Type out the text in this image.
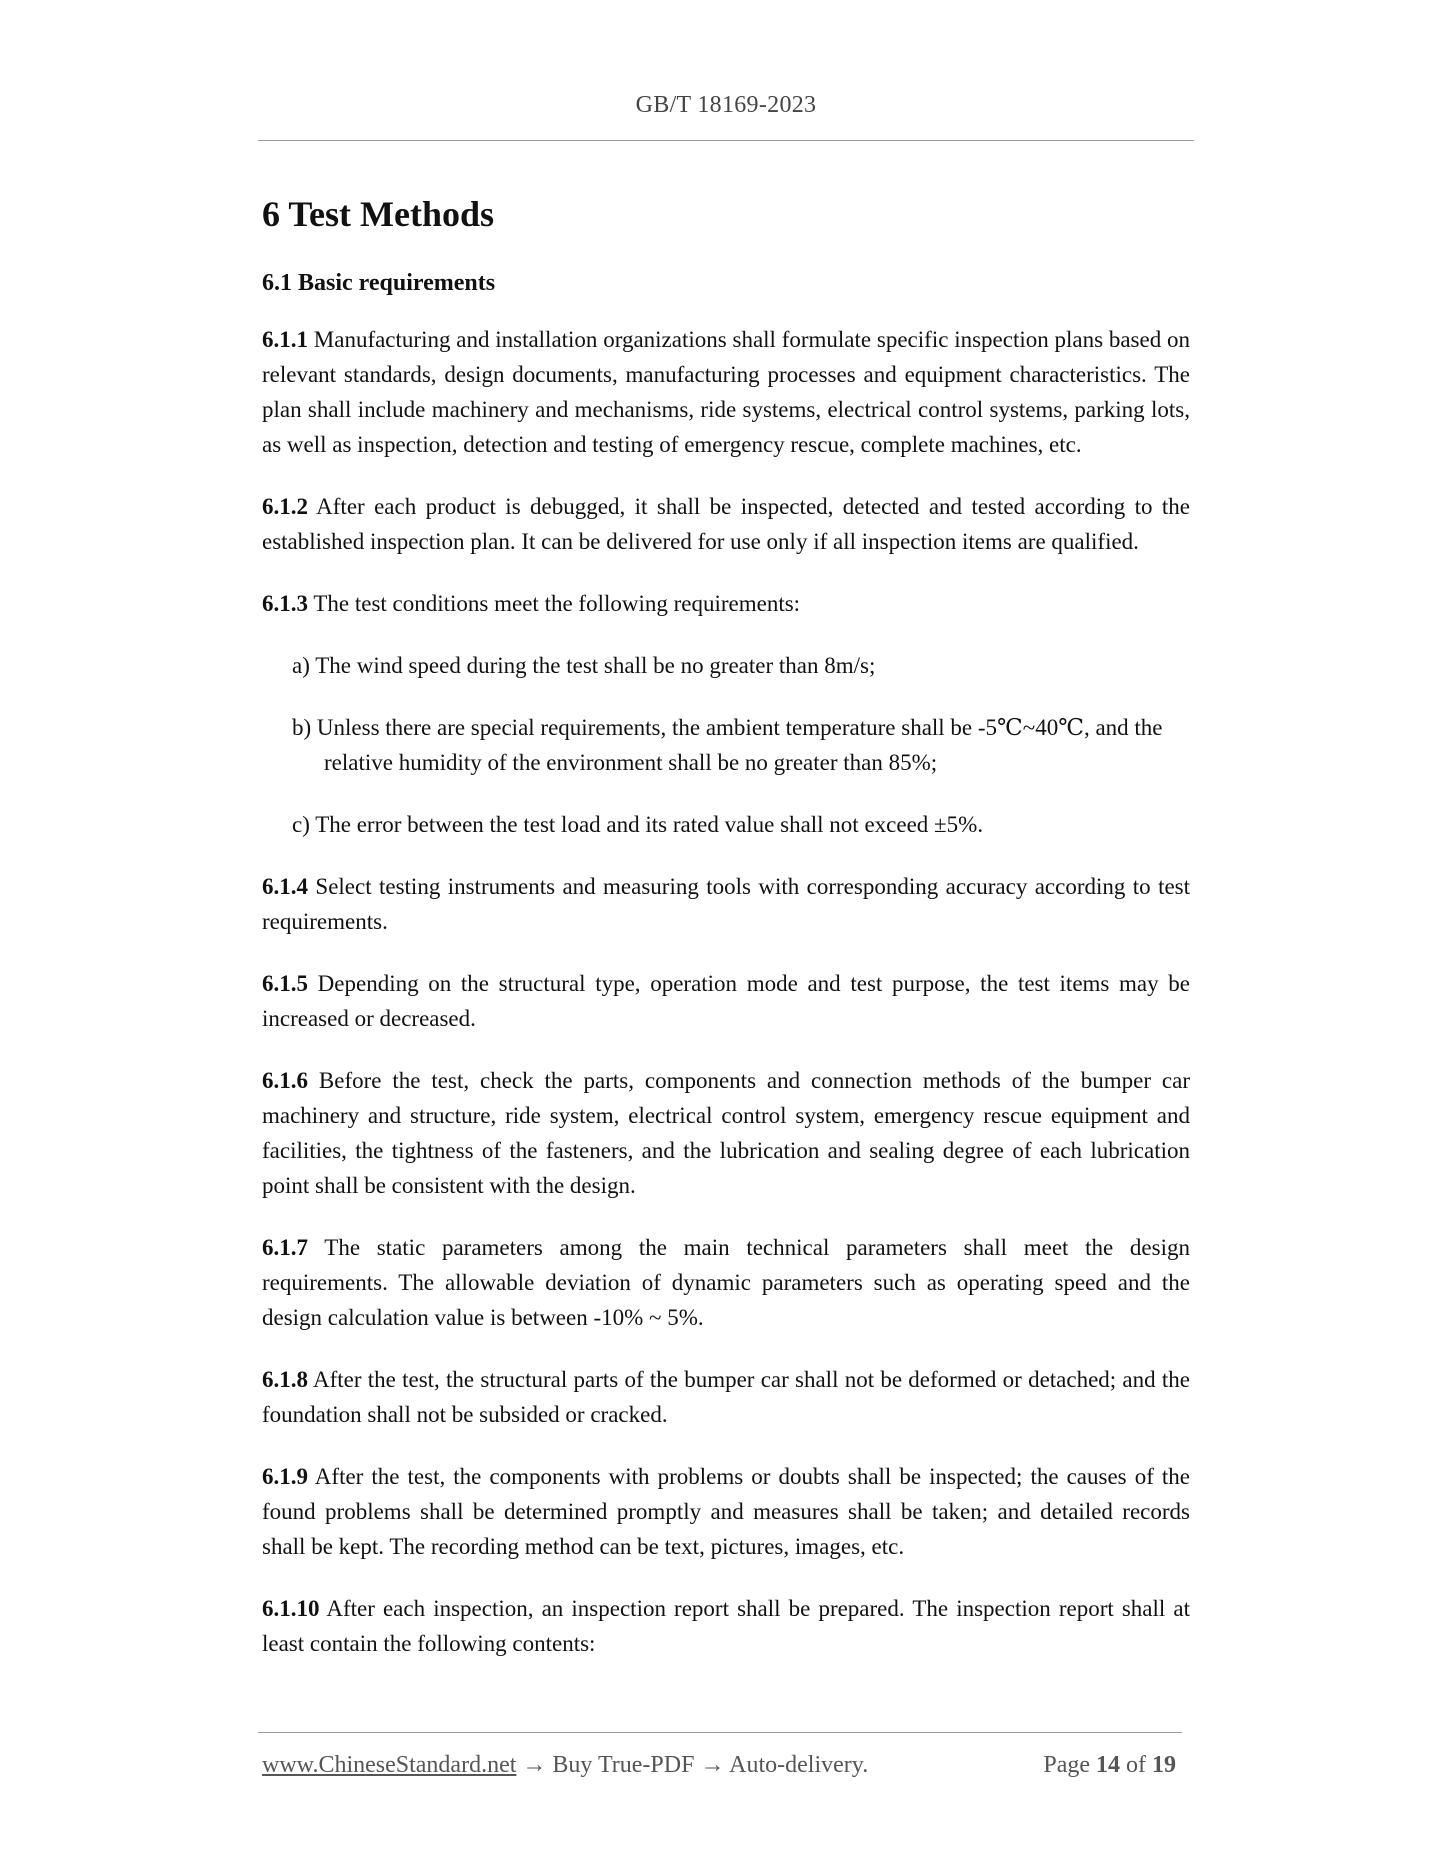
GB/T 18169-2023
6 Test Methods
6.1 Basic requirements

6.1.1 Manufacturing and installation organizations shall formulate specific inspection plans based on relevant standards, design documents, manufacturing processes and equipment characteristics. The plan shall include machinery and mechanisms, ride systems, electrical control systems, parking lots, as well as inspection, detection and testing of emergency rescue, complete machines, etc.

6.1.2 After each product is debugged, it shall be inspected, detected and tested according to the established inspection plan. It can be delivered for use only if all inspection items are qualified.

6.1.3 The test conditions meet the following requirements:

a) The wind speed during the test shall be no greater than 8m/s;
b) Unless there are special requirements, the ambient temperature shall be -5℃~40℃, and the relative humidity of the environment shall be no greater than 85%;
c) The error between the test load and its rated value shall not exceed ±5%.

6.1.4 Select testing instruments and measuring tools with corresponding accuracy according to test requirements.

6.1.5 Depending on the structural type, operation mode and test purpose, the test items may be increased or decreased.

6.1.6 Before the test, check the parts, components and connection methods of the bumper car machinery and structure, ride system, electrical control system, emergency rescue equipment and facilities, the tightness of the fasteners, and the lubrication and sealing degree of each lubrication point shall be consistent with the design.

6.1.7 The static parameters among the main technical parameters shall meet the design requirements. The allowable deviation of dynamic parameters such as operating speed and the design calculation value is between -10% ~ 5%.

6.1.8 After the test, the structural parts of the bumper car shall not be deformed or detached; and the foundation shall not be subsided or cracked.

6.1.9 After the test, the components with problems or doubts shall be inspected; the causes of the found problems shall be determined promptly and measures shall be taken; and detailed records shall be kept. The recording method can be text, pictures, images, etc.

6.1.10 After each inspection, an inspection report shall be prepared. The inspection report shall at least contain the following contents:

www.ChineseStandard.net → Buy True-PDF → Auto-delivery.	Page 14 of 19
